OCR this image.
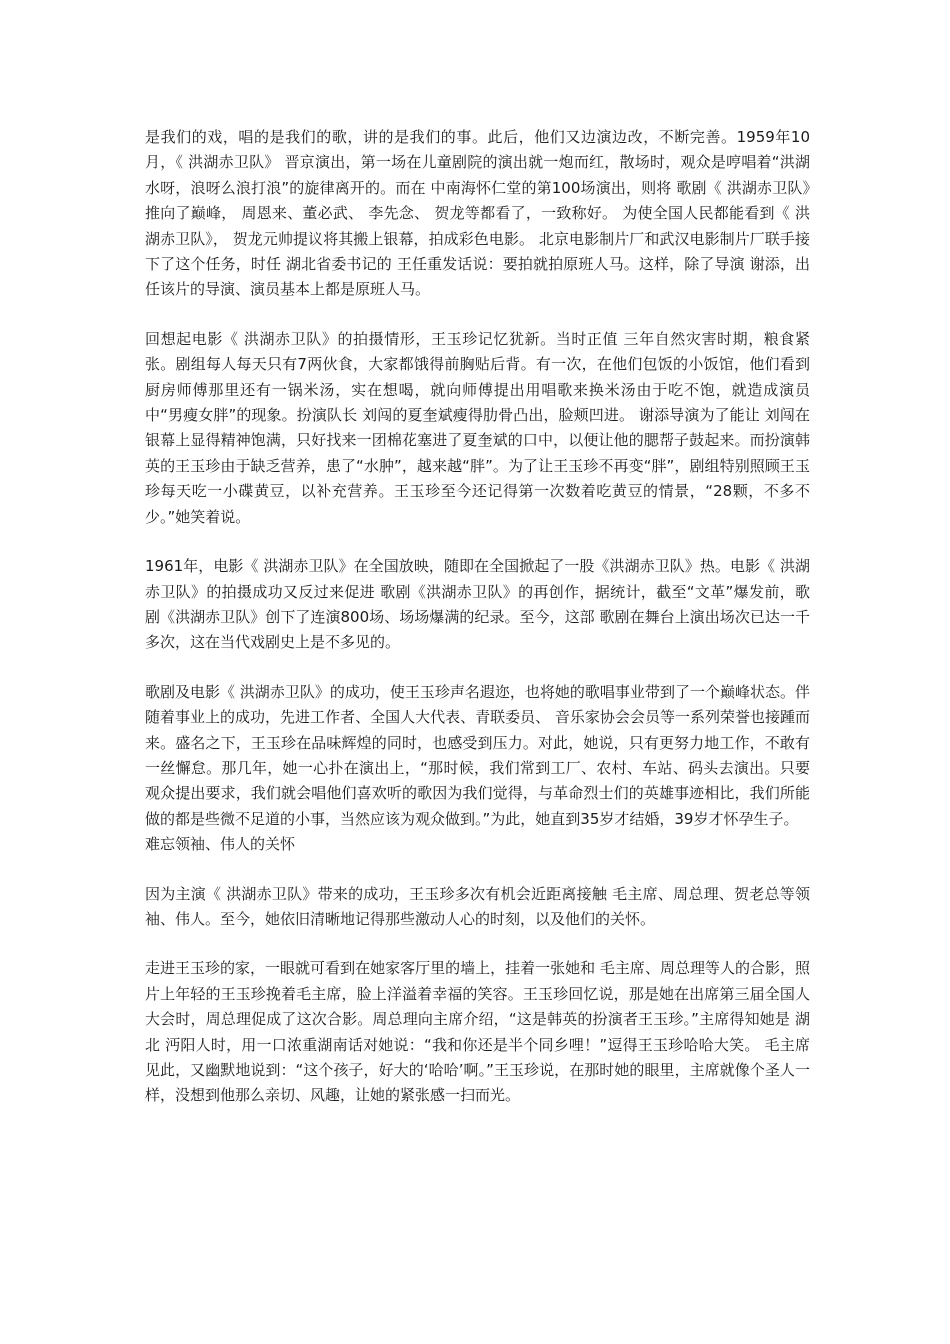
是我们的戏，唱的是我们的歌，讲的是我们的事。此后，他们又边演边改，不断完善。1959年10月，《 洪湖赤卫队》 晋京演出，第一场在儿童剧院的演出就一炮而红，散场时，观众是哼唱着“洪湖水呀，浪呀么浪打浪”的旋律离开的。而在 中南海怀仁堂的第100场演出，则将 歌剧《 洪湖赤卫队》推向了巅峰， 周恩来、董必武、 李先念、 贺龙等都看了，一致称好。 为使全国人民都能看到《 洪湖赤卫队》， 贺龙元帅提议将其搬上银幕，拍成彩色电影。 北京电影制片厂和武汉电影制片厂联手接下了这个任务，时任 湖北省委书记的 王任重发话说：要拍就拍原班人马。这样，除了导演 谢添，出任该片的导演、演员基本上都是原班人马。

回想起电影《 洪湖赤卫队》的拍摄情形，王玉珍记忆犹新。当时正值 三年自然灾害时期，粮食紧张。剧组每人每天只有7两伙食，大家都饿得前胸贴后背。有一次，在他们包饭的小饭馆，他们看到厨房师傅那里还有一锅米汤，实在想喝，就向师傅提出用唱歌来换米汤由于吃不饱，就造成演员中“男瘦女胖”的现象。扮演队长 刘闯的夏奎斌瘦得肋骨凸出，脸颊凹进。 谢添导演为了能让 刘闯在银幕上显得精神饱满，只好找来一团棉花塞进了夏奎斌的口中，以便让他的腮帮子鼓起来。而扮演韩英的王玉珍由于缺乏营养，患了“水肿”，越来越“胖”。为了让王玉珍不再变“胖”，剧组特别照顾王玉珍每天吃一小碟黄豆，以补充营养。王玉珍至今还记得第一次数着吃黄豆的情景，“28颗，不多不少。”她笑着说。

1961年，电影《 洪湖赤卫队》在全国放映，随即在全国掀起了一股《洪湖赤卫队》热。电影《 洪湖赤卫队》的拍摄成功又反过来促进 歌剧《洪湖赤卫队》的再创作，据统计，截至“文革”爆发前，歌剧《洪湖赤卫队》创下了连演800场、场场爆满的纪录。至今，这部 歌剧在舞台上演出场次已达一千多次，这在当代戏剧史上是不多见的。

歌剧及电影《 洪湖赤卫队》的成功，使王玉珍声名遐迩，也将她的歌唱事业带到了一个巅峰状态。伴随着事业上的成功，先进工作者、全国人大代表、青联委员、 音乐家协会会员等一系列荣誉也接踵而来。盛名之下，王玉珍在品味辉煌的同时，也感受到压力。对此，她说，只有更努力地工作，不敢有一丝懈怠。那几年，她一心扑在演出上，“那时候，我们常到工厂、农村、车站、码头去演出。只要观众提出要求，我们就会唱他们喜欢听的歌因为我们觉得，与革命烈士们的英雄事迹相比，我们所能做的都是些微不足道的小事，当然应该为观众做到。”为此，她直到35岁才结婚，39岁才怀孕生子。

难忘领袖、伟人的关怀

因为主演《 洪湖赤卫队》带来的成功，王玉珍多次有机会近距离接触 毛主席、周总理、贺老总等领袖、伟人。至今，她依旧清晰地记得那些激动人心的时刻，以及他们的关怀。

走进王玉珍的家，一眼就可看到在她家客厅里的墙上，挂着一张她和 毛主席、周总理等人的合影，照片上年轻的王玉珍挽着毛主席，脸上洋溢着幸福的笑容。王玉珍回忆说，那是她在出席第三届全国人大会时，周总理促成了这次合影。周总理向主席介绍，“这是韩英的扮演者王玉珍。”主席得知她是 湖北 沔阳人时，用一口浓重湖南话对她说：“我和你还是半个同乡哩！”逗得王玉珍哈哈大笑。 毛主席见此，又幽默地说到：“这个孩子，好大的‘哈哈’啊。”王玉珍说，在那时她的眼里，主席就像个圣人一样，没想到他那么亲切、风趣，让她的紧张感一扫而光。
